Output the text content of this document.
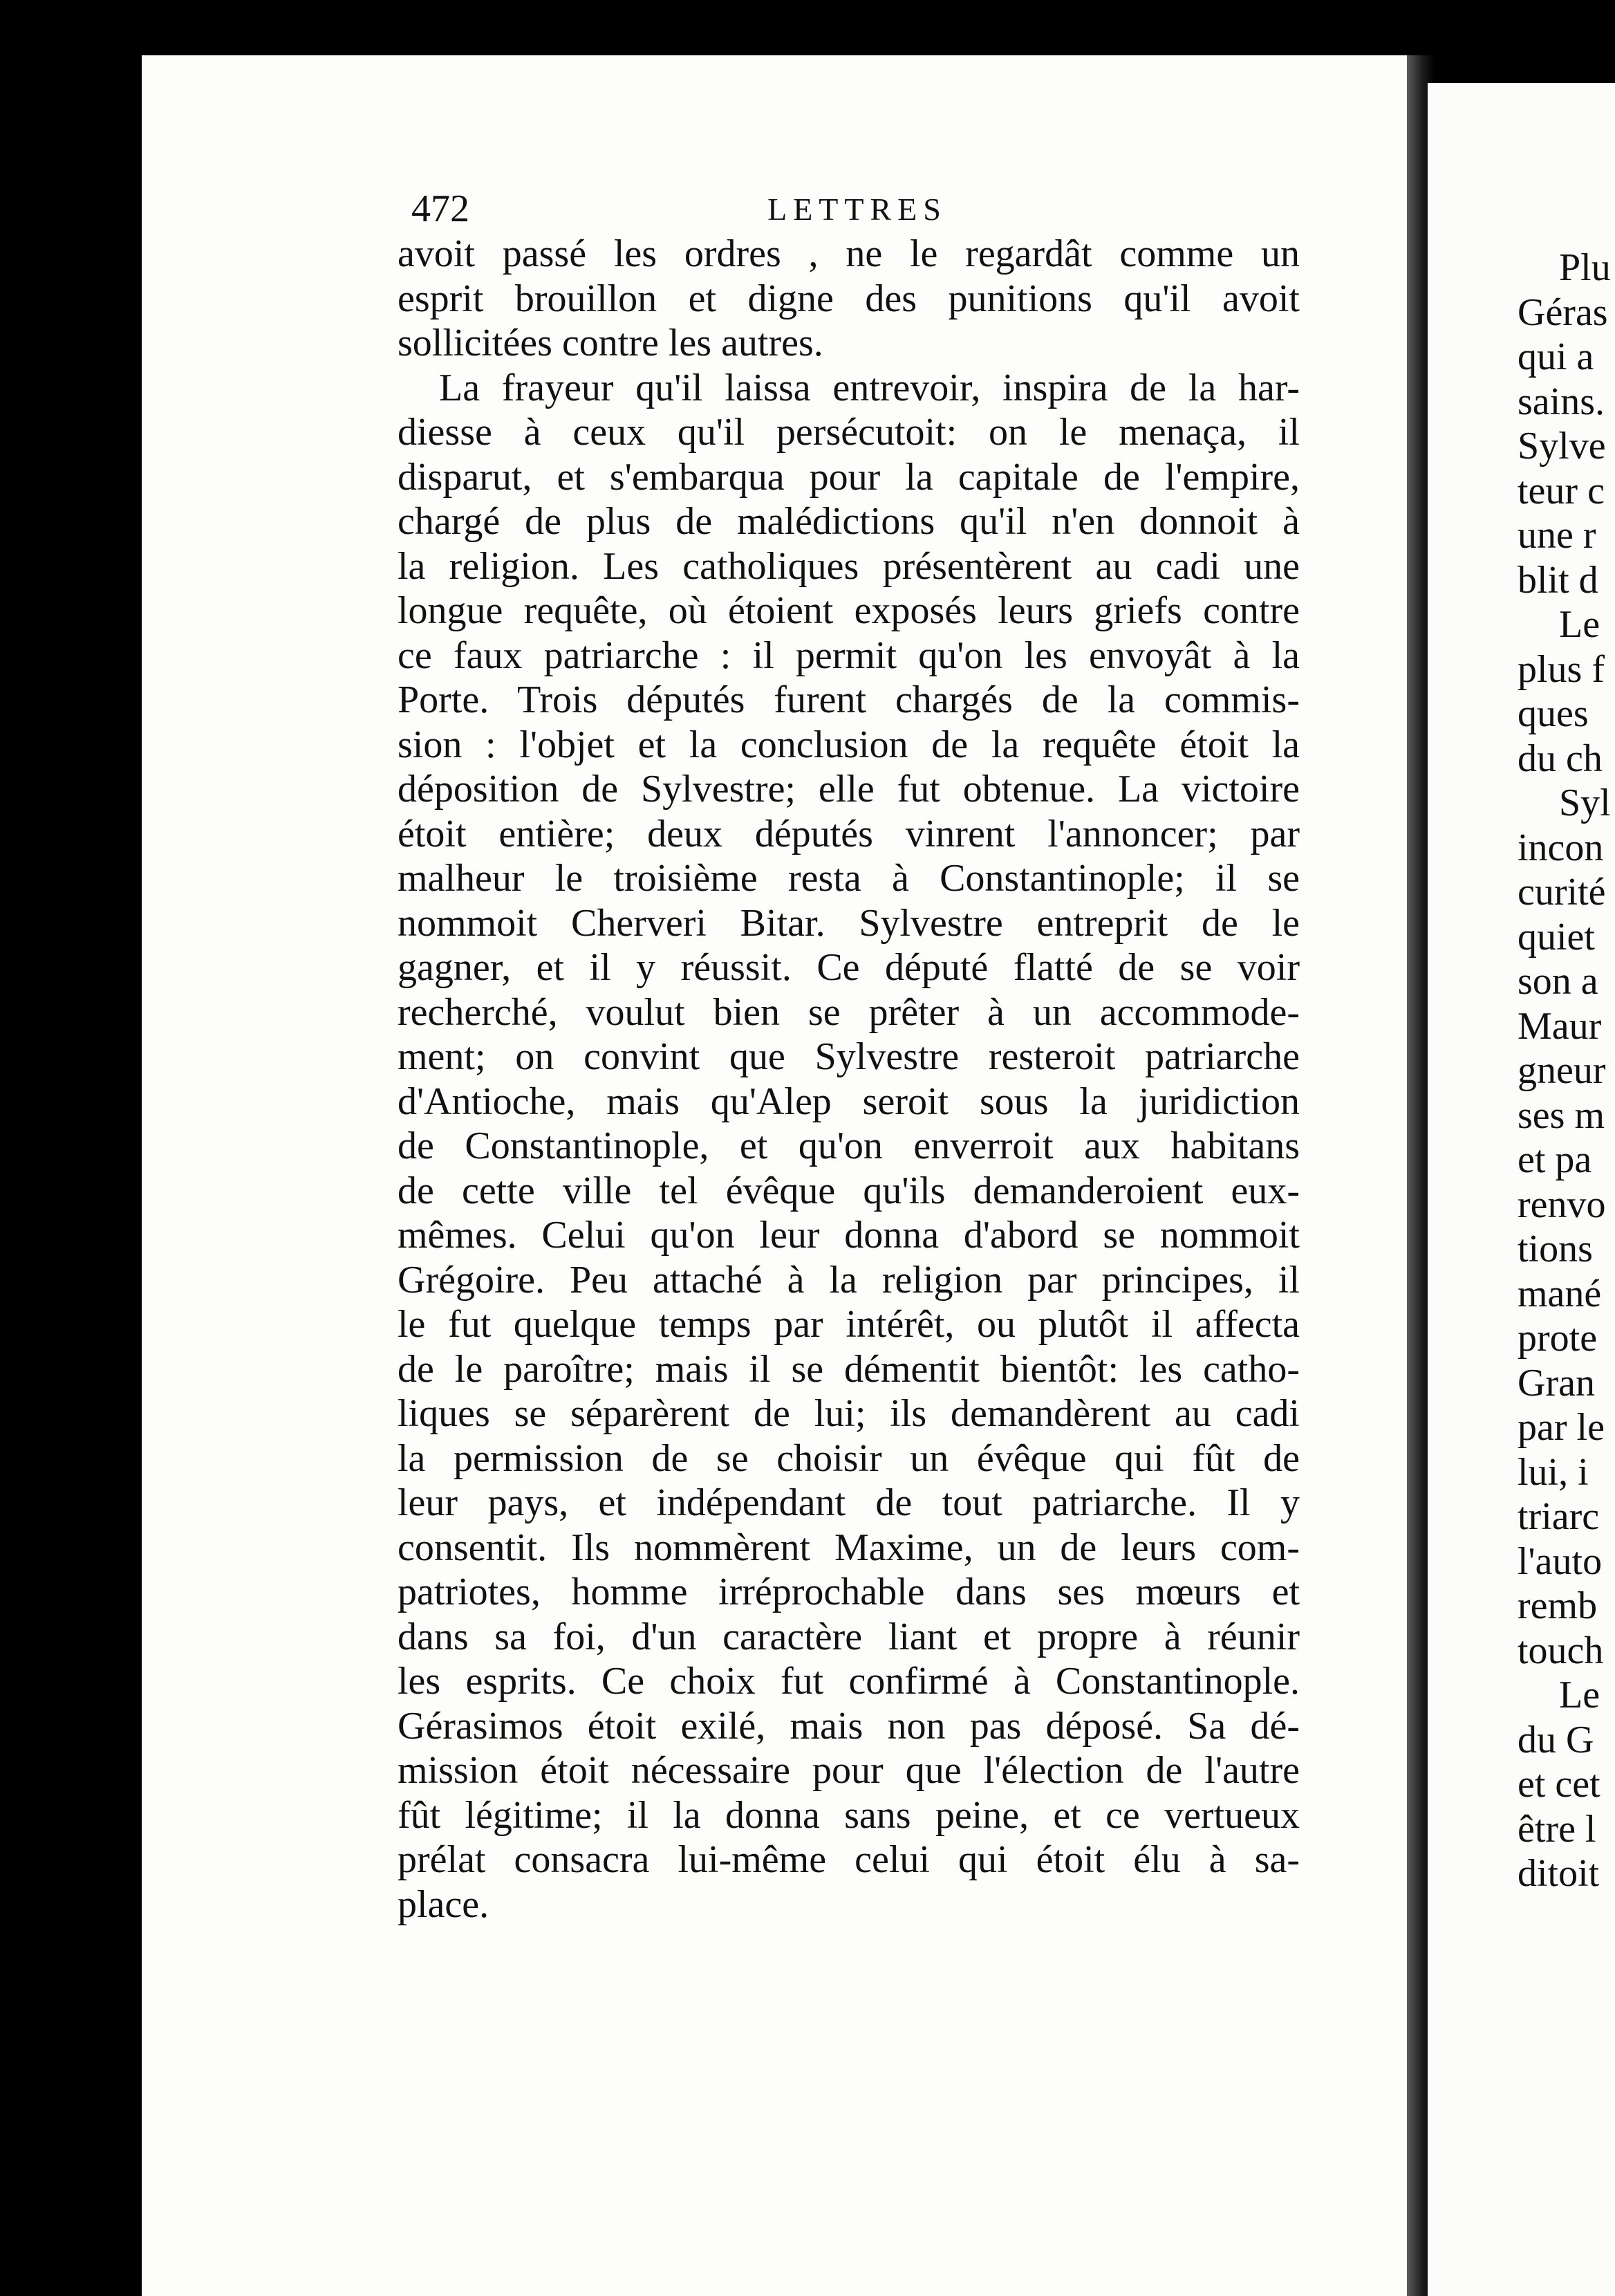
472	LETTRES
avoit passé les ordres , ne le regardât comme un
esprit brouillon et digne des punitions qu'il avoit
sollicitées contre les autres.
La frayeur qu'il laissa entrevoir, inspira de la har-
diesse à ceux qu'il persécutoit: on le menaça, il
disparut, et s'embarqua pour la capitale de l'empire,
chargé de plus de malédictions qu'il n'en donnoit à
la religion. Les catholiques présentèrent au cadi une
longue requête, où étoient exposés leurs griefs contre
ce faux patriarche : il permit qu'on les envoyât à la
Porte. Trois députés furent chargés de la commis-
sion : l'objet et la conclusion de la requête étoit la
déposition de Sylvestre; elle fut obtenue. La victoire
étoit entière; deux députés vinrent l'annoncer; par
malheur le troisième resta à Constantinople; il se
nommoit Cherveri Bitar. Sylvestre entreprit de le
gagner, et il y réussit. Ce député flatté de se voir
recherché, voulut bien se prêter à un accommode-
ment; on convint que Sylvestre resteroit patriarche
d'Antioche, mais qu'Alep seroit sous la juridiction
de Constantinople, et qu'on enverroit aux habitans
de cette ville tel évêque qu'ils demanderoient eux-
mêmes. Celui qu'on leur donna d'abord se nommoit
Grégoire. Peu attaché à la religion par principes, il
le fut quelque temps par intérêt, ou plutôt il affecta
de le paroître; mais il se démentit bientôt: les catho-
liques se séparèrent de lui; ils demandèrent au cadi
la permission de se choisir un évêque qui fût de
leur pays, et indépendant de tout patriarche. Il y
consentit. Ils nommèrent Maxime, un de leurs com-
patriotes, homme irréprochable dans ses mœurs et
dans sa foi, d'un caractère liant et propre à réunir
les esprits. Ce choix fut confirmé à Constantinople.
Gérasimos étoit exilé, mais non pas déposé. Sa dé-
mission étoit nécessaire pour que l'élection de l'autre
fût légitime; il la donna sans peine, et ce vertueux
prélat consacra lui-même celui qui étoit élu à sa-
place.
Plu
Géras
qui a
sains.
Sylve
teur c
une r
blit d
Le
plus f
ques
du ch
Syl
incon
curité
quiet
son a
Maur
gneur
ses m
et pa
renvo
tions
mané
prote
Gran
par le
lui, i
triarc
l'auto
remb
touch
Le
du G
et cet
être l
ditoit
